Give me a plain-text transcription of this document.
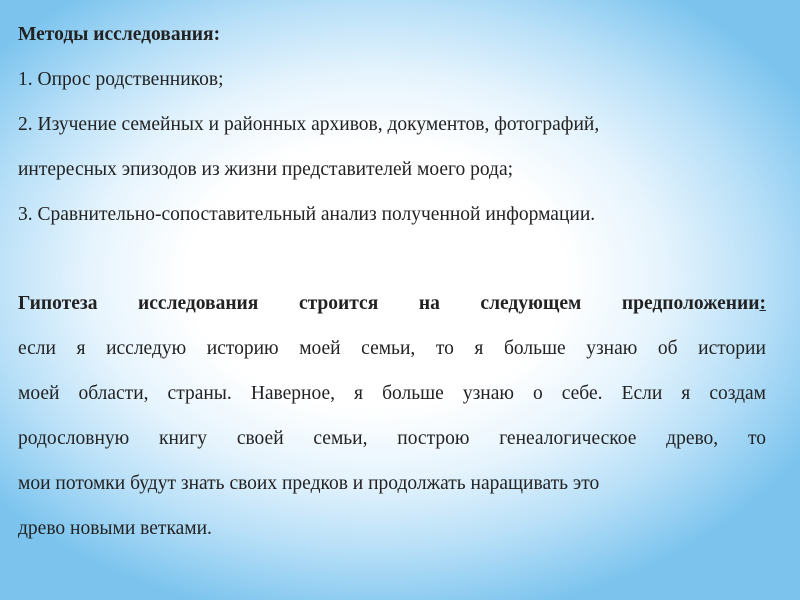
Методы исследования:
1. Опрос родственников;
2. Изучение семейных и районных архивов, документов, фотографий,
интересных эпизодов из жизни представителей моего рода;
3. Сравнительно-сопоставительный анализ полученной информации.
Гипотеза исследования строится на следующем предположении:
если я исследую историю моей семьи, то я больше узнаю об истории
моей области, страны. Наверное, я больше узнаю о себе. Если я создам
родословную книгу своей семьи, построю генеалогическое древо, то
мои потомки будут знать своих предков и продолжать наращивать это
древо новыми ветками.
